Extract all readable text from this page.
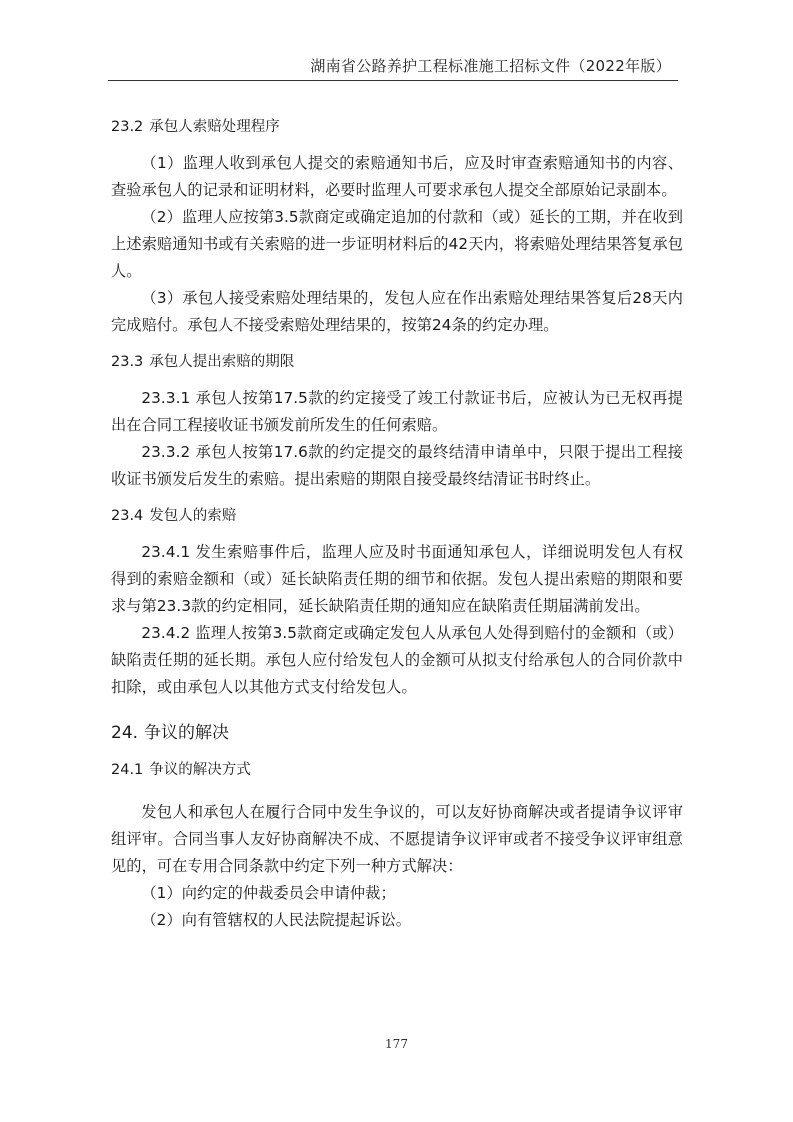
湖南省公路养护工程标准施工招标文件（2022年版）
23.2 承包人索赔处理程序

（1）监理人收到承包人提交的索赔通知书后，应及时审查索赔通知书的内容、查验承包人的记录和证明材料，必要时监理人可要求承包人提交全部原始记录副本。

（2）监理人应按第3.5款商定或确定追加的付款和（或）延长的工期，并在收到上述索赔通知书或有关索赔的进一步证明材料后的42天内，将索赔处理结果答复承包人。

（3）承包人接受索赔处理结果的，发包人应在作出索赔处理结果答复后28天内完成赔付。承包人不接受索赔处理结果的，按第24条的约定办理。

23.3 承包人提出索赔的期限

23.3.1 承包人按第17.5款的约定接受了竣工付款证书后，应被认为已无权再提出在合同工程接收证书颁发前所发生的任何索赔。

23.3.2 承包人按第17.6款的约定提交的最终结清申请单中，只限于提出工程接收证书颁发后发生的索赔。提出索赔的期限自接受最终结清证书时终止。

23.4 发包人的索赔

23.4.1 发生索赔事件后，监理人应及时书面通知承包人，详细说明发包人有权得到的索赔金额和（或）延长缺陷责任期的细节和依据。发包人提出索赔的期限和要求与第23.3款的约定相同，延长缺陷责任期的通知应在缺陷责任期届满前发出。

23.4.2 监理人按第3.5款商定或确定发包人从承包人处得到赔付的金额和（或）缺陷责任期的延长期。承包人应付给发包人的金额可从拟支付给承包人的合同价款中扣除，或由承包人以其他方式支付给发包人。

24. 争议的解决
24.1 争议的解决方式

发包人和承包人在履行合同中发生争议的，可以友好协商解决或者提请争议评审组评审。合同当事人友好协商解决不成、不愿提请争议评审或者不接受争议评审组意见的，可在专用合同条款中约定下列一种方式解决：

（1）向约定的仲裁委员会申请仲裁；

（2）向有管辖权的人民法院提起诉讼。

177
